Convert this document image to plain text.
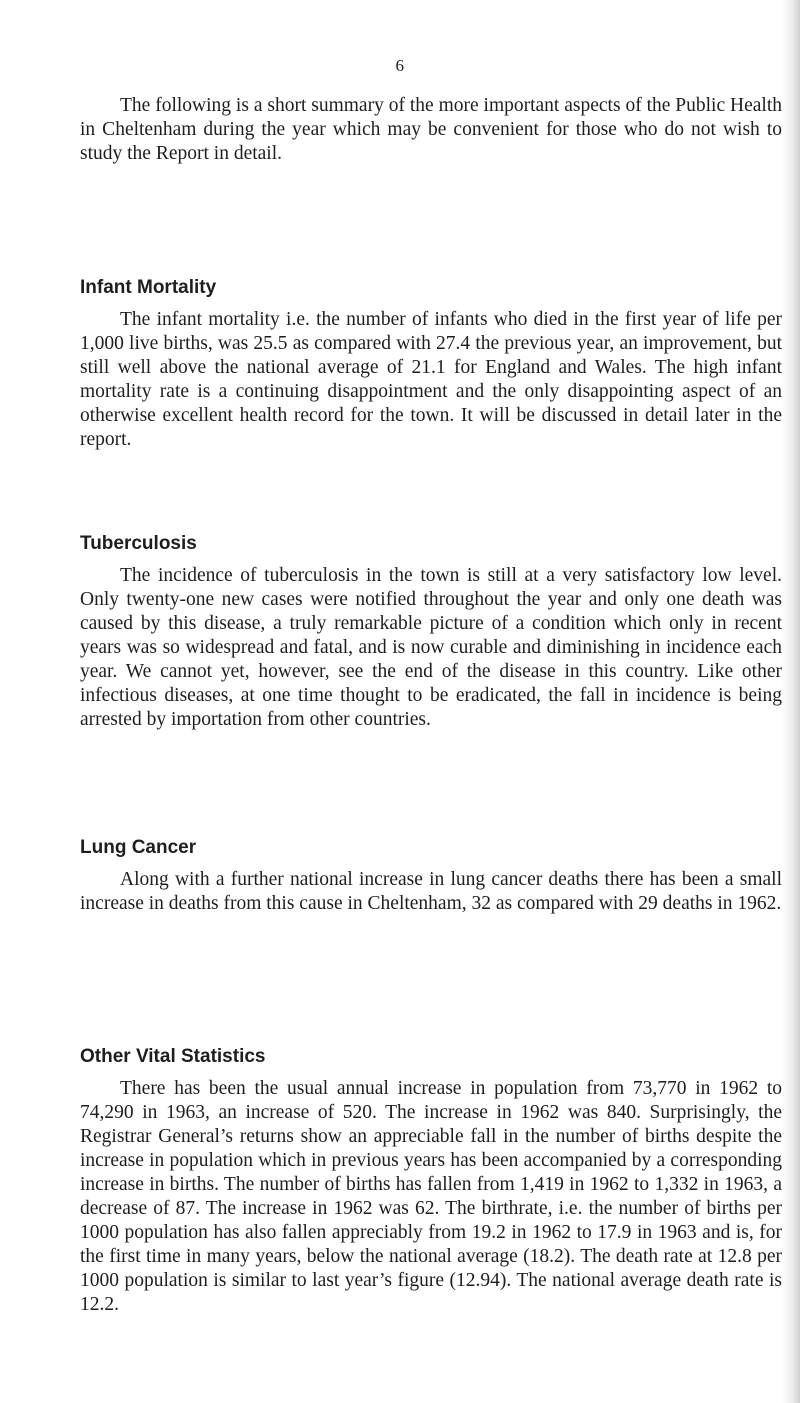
6

The following is a short summary of the more important aspects of the Public Health in Cheltenham during the year which may be convenient for those who do not wish to study the Report in detail.

Infant Mortality

The infant mortality i.e. the number of infants who died in the first year of life per 1,000 live births, was 25.5 as compared with 27.4 the previous year, an improvement, but still well above the national average of 21.1 for England and Wales. The high infant mortality rate is a continuing disappointment and the only disappointing aspect of an otherwise excellent health record for the town. It will be discussed in detail later in the report.

Tuberculosis

The incidence of tuberculosis in the town is still at a very satisfactory low level. Only twenty-one new cases were notified throughout the year and only one death was caused by this disease, a truly remarkable picture of a condition which only in recent years was so widespread and fatal, and is now curable and diminishing in incidence each year. We cannot yet, however, see the end of the disease in this country. Like other infectious diseases, at one time thought to be eradicated, the fall in incidence is being arrested by importation from other countries.

Lung Cancer

Along with a further national increase in lung cancer deaths there has been a small increase in deaths from this cause in Cheltenham, 32 as compared with 29 deaths in 1962.

Other Vital Statistics

There has been the usual annual increase in population from 73,770 in 1962 to 74,290 in 1963, an increase of 520. The increase in 1962 was 840. Surprisingly, the Registrar General’s returns show an appreciable fall in the number of births despite the increase in population which in previous years has been accompanied by a corresponding increase in births. The number of births has fallen from 1,419 in 1962 to 1,332 in 1963, a decrease of 87. The increase in 1962 was 62. The birthrate, i.e. the number of births per 1000 population has also fallen appreciably from 19.2 in 1962 to 17.9 in 1963 and is, for the first time in many years, below the national average (18.2). The death rate at 12.8 per 1000 population is similar to last year’s figure (12.94). The national average death rate is 12.2.
